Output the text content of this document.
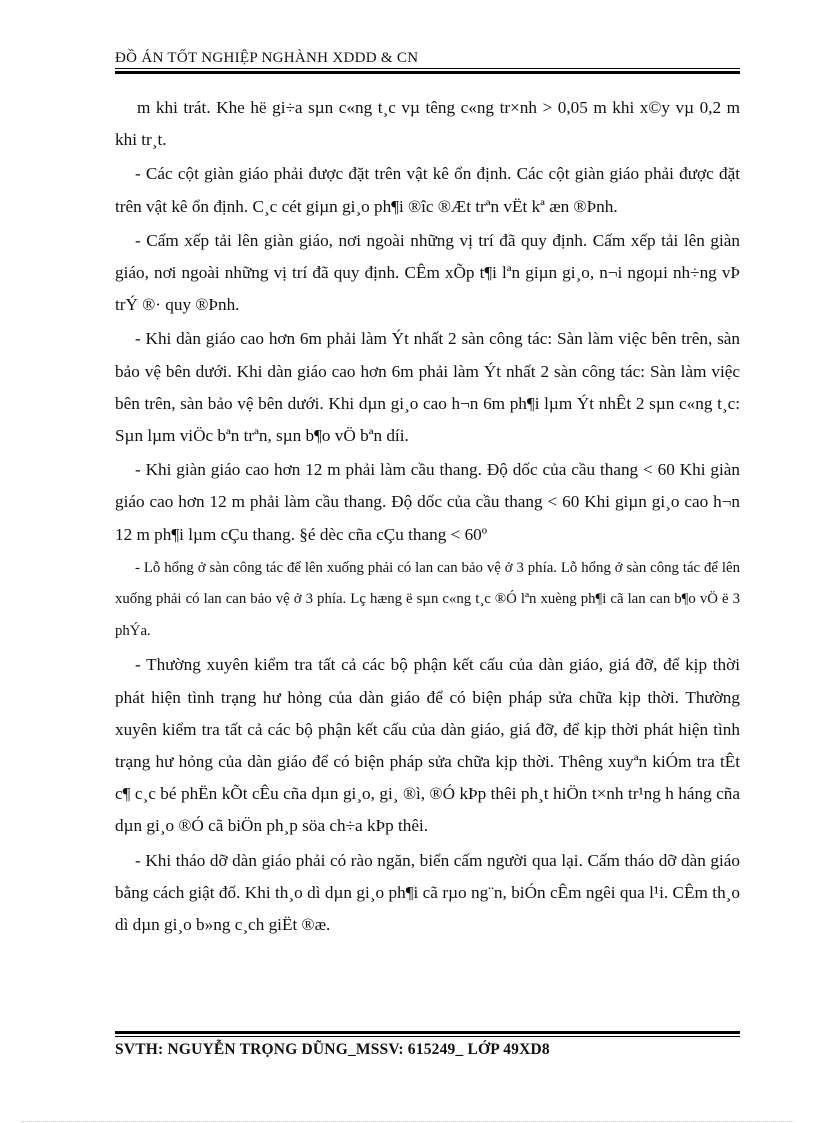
ĐỒ ÁN TỐT NGHIỆP NGHÀNH XDDD & CN

m khi trát. Khe hë gi÷a sµn c«ng t¸c vµ têng c«ng tr×nh > 0,05 m khi x©y vµ 0,2 m khi tr¸t.

- Các cột giàn giáo phải được đặt trên vật kê ổn định. Các cột giàn giáo phải được đặt trên vật kê ổn định. C¸c cét giµn gi¸o ph¶i ®îc ®Æt trªn vËt kª æn ®Þnh.

- Cấm xếp tải lên giàn giáo, nơi ngoài những vị trí đã quy định. Cấm xếp tải lên giàn giáo, nơi ngoài những vị trí đã quy định. CÊm xÕp t¶i lªn giµn gi¸o, n¬i ngoµi nh÷ng vÞ trÝ ®· quy ®Þnh.

- Khi dàn giáo cao hơn 6m phải làm Ýt nhất 2 sàn công tác: Sàn làm việc bên trên, sàn bảo vệ bên dưới. Khi dàn giáo cao hơn 6m phải làm Ýt nhất 2 sàn công tác: Sàn làm việc bên trên, sàn bảo vệ bên dưới. Khi dµn gi¸o cao h¬n 6m ph¶i lµm Ýt nhÊt 2 sµn c«ng t¸c: Sµn lµm viÖc bªn trªn, sµn b¶o vÖ bªn díi.

- Khi giàn giáo cao hơn 12 m phải làm cầu thang. Độ dốc của cầu thang < 60 Khi giàn giáo cao hơn 12 m phải làm cầu thang. Độ dốc của cầu thang < 60 Khi giµn gi¸o cao h¬n 12 m ph¶i lµm cÇu thang. §é dèc cña cÇu thang < 60º

- Lỗ hổng ở sàn công tác để lên xuống phải có lan can bảo vệ ở 3 phía. Lỗ hổng ở sàn công tác để lên xuống phải có lan can bảo vệ ở 3 phía. Lç hæng ë sµn c«ng t¸c ®Ó lªn xuèng ph¶i cã lan can b¶o vÖ ë 3 phÝa.

- Thường xuyên kiểm tra tất cả các bộ phận kết cấu của dàn giáo, giá đỡ, để kịp thời phát hiện tình trạng hư hỏng của dàn giáo để có biện pháp sửa chữa kịp thời. Thường xuyên kiểm tra tất cả các bộ phận kết cấu của dàn giáo, giá đỡ, để kịp thời phát hiện tình trạng hư hỏng của dàn giáo để có biện pháp sửa chữa kịp thời. Thêng xuyªn kiÓm tra tÊt c¶ c¸c bé phËn kÕt cÊu cña dµn gi¸o, gi¸ ®ì, ®Ó kÞp thêi ph¸t hiÖn t×nh tr¹ng h háng cña dµn gi¸o ®Ó cã biÖn ph¸p söa ch÷a kÞp thêi.

- Khi tháo dỡ dàn giáo phải có rào ngăn, biển cấm người qua lại. Cấm tháo dỡ dàn giáo bằng cách giật đổ. Khi th¸o dì dµn gi¸o ph¶i cã rµo ng¨n, biÓn cÊm ngêi qua l¹i. CÊm th¸o dì dµn gi¸o b»ng c¸ch giËt ®æ.

SVTH: NGUYỄN TRỌNG DŨNG_MSSV: 615249_ LỚP 49XD8
